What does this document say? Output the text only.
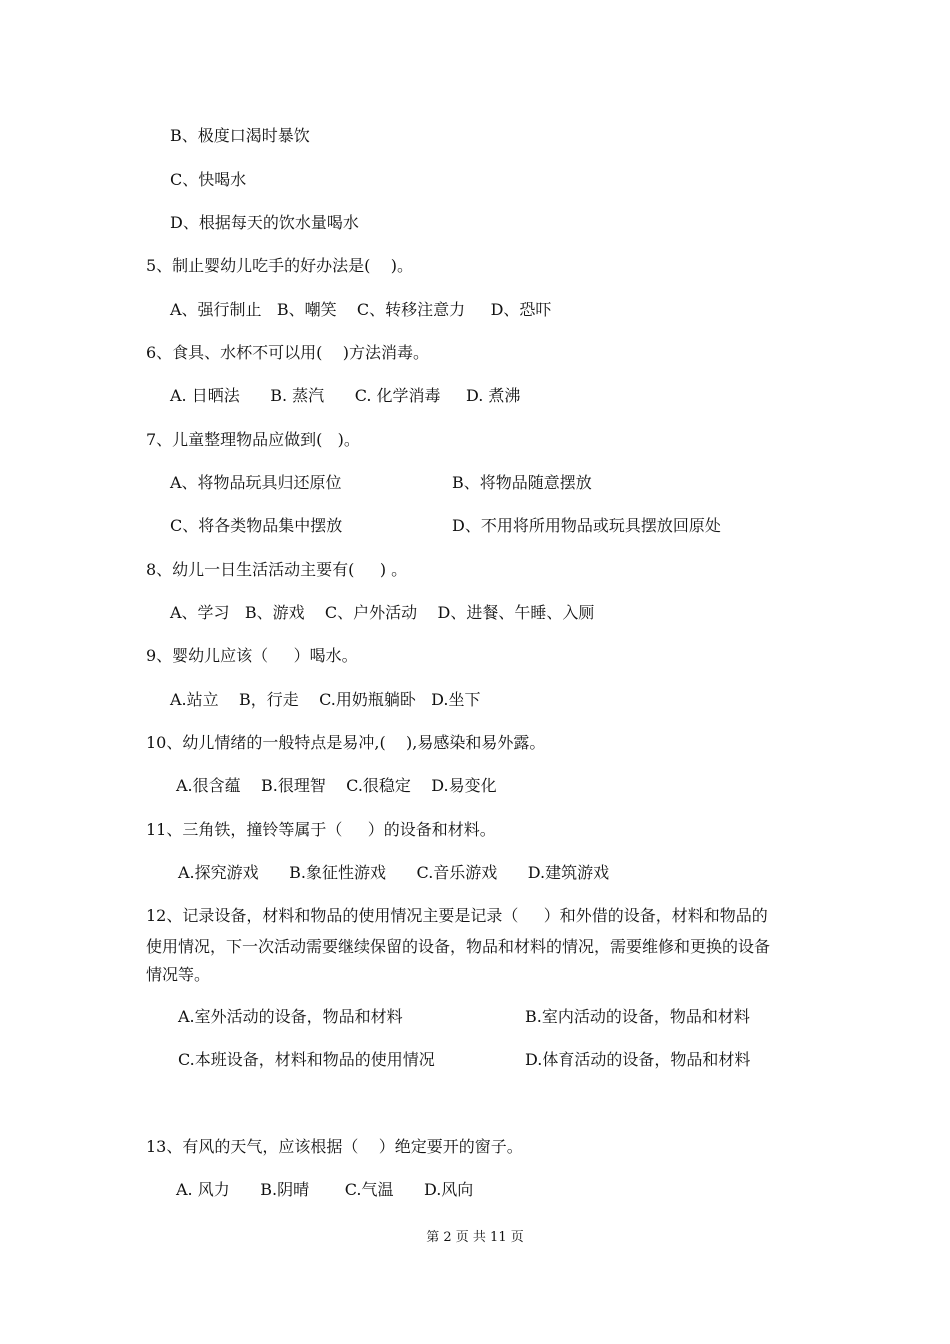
B、极度口渴时暴饮
C、快喝水
D、根据每天的饮水量喝水
5、制止婴幼儿吃手的好办法是(    )。
A、强行制止   B、嘲笑    C、转移注意力     D、恐吓
6、食具、水杯不可以用(    )方法消毒。
A. 日晒法      B. 蒸汽      C. 化学消毒     D. 煮沸
7、儿童整理物品应做到(   )。
A、将物品玩具归还原位	B、将物品随意摆放
C、将各类物品集中摆放	D、不用将所用物品或玩具摆放回原处
8、幼儿一日生活活动主要有(     ) 。
A、学习   B、游戏    C、户外活动    D、进餐、午睡、入厕
9、婴幼儿应该（     ）喝水。
A.站立    B，行走    C.用奶瓶躺卧   D.坐下
10、幼儿情绪的一般特点是易冲,(    ),易感染和易外露。
A.很含蕴    B.很理智    C.很稳定    D.易变化
11、三角铁，撞铃等属于（     ）的设备和材料。
A.探究游戏      B.象征性游戏      C.音乐游戏      D.建筑游戏
12、记录设备，材料和物品的使用情况主要是记录（     ）和外借的设备，材料和物品的
使用情况，下一次活动需要继续保留的设备，物品和材料的情况，需要维修和更换的设备
情况等。
A.室外活动的设备，物品和材料	B.室内活动的设备，物品和材料
C.本班设备，材料和物品的使用情况	D.体育活动的设备，物品和材料
13、有风的天气，应该根据（    ）绝定要开的窗子。
A. 风力      B.阴晴       C.气温      D.风向
第 2 页 共 11 页
